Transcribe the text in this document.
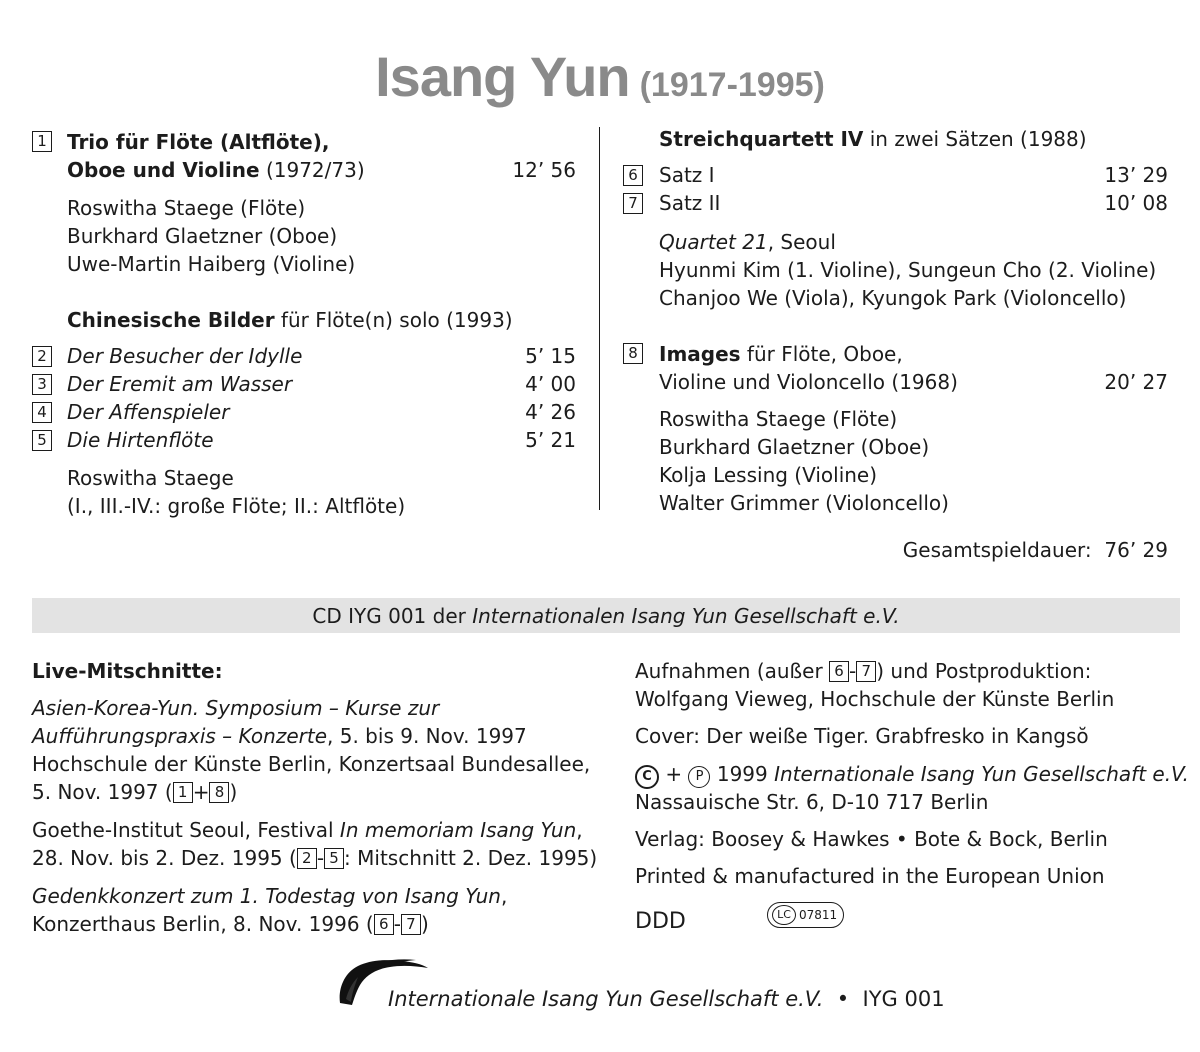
Isang Yun (1917-1995)
1 Trio für Flöte (Altflöte),
Oboe und Violine (1972/73)	12’ 56
Roswitha Staege (Flöte)
Burkhard Glaetzner (Oboe)
Uwe-Martin Haiberg (Violine)
Chinesische Bilder für Flöte(n) solo (1993)
2 Der Besucher der Idylle	5’ 15
3 Der Eremit am Wasser	4’ 00
4 Der Affenspieler	4’ 26
5 Die Hirtenflöte	5’ 21
Roswitha Staege
(I., III.-IV.: große Flöte; II.: Altflöte)
Streichquartett IV in zwei Sätzen (1988)
6 Satz I	13’ 29
7 Satz II	10’ 08
Quartet 21, Seoul
Hyunmi Kim (1. Violine), Sungeun Cho (2. Violine)
Chanjoo We (Viola), Kyungok Park (Violoncello)
8 Images für Flöte, Oboe,
Violine und Violoncello (1968)	20’ 27
Roswitha Staege (Flöte)
Burkhard Glaetzner (Oboe)
Kolja Lessing (Violine)
Walter Grimmer (Violoncello)
Gesamtspieldauer: 76’ 29
CD IYG 001 der Internationalen Isang Yun Gesellschaft e.V.
Live-Mitschnitte:
Asien-Korea-Yun. Symposium – Kurse zur
Aufführungspraxis – Konzerte, 5. bis 9. Nov. 1997
Hochschule der Künste Berlin, Konzertsaal Bundesallee,
5. Nov. 1997 ( 1 + 8 )
Goethe-Institut Seoul, Festival In memoriam Isang Yun,
28. Nov. bis 2. Dez. 1995 ( 2 - 5 : Mitschnitt 2. Dez. 1995)
Gedenkkonzert zum 1. Todestag von Isang Yun,
Konzerthaus Berlin, 8. Nov. 1996 ( 6 - 7 )
Aufnahmen (außer 6 - 7 ) und Postproduktion:
Wolfgang Vieweg, Hochschule der Künste Berlin
Cover: Der weiße Tiger. Grabfresko in Kangsŏ
C + P 1999 Internationale Isang Yun Gesellschaft e.V.
Nassauische Str. 6, D-10 717 Berlin
Verlag: Boosey & Hawkes • Bote & Bock, Berlin
Printed & manufactured in the European Union
DDD	LC 07811
Internationale Isang Yun Gesellschaft e.V.  •  IYG 001
